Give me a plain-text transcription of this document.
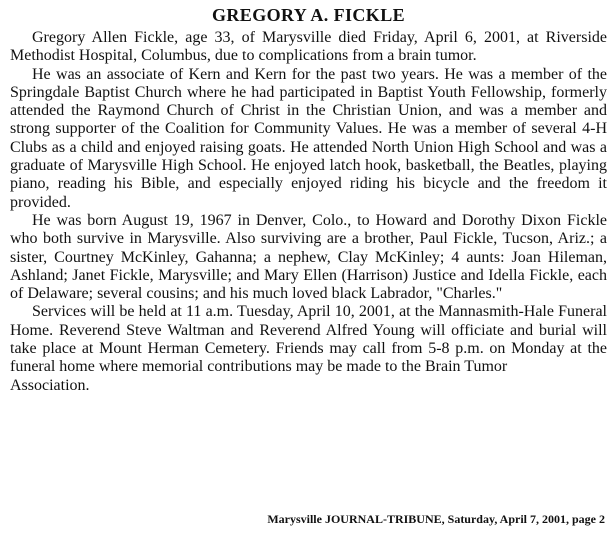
GREGORY A. FICKLE

Gregory Allen Fickle, age 33, of Marysville died Friday, April 6, 2001, at Riverside Methodist Hospital, Columbus, due to complications from a brain tumor.

He was an associate of Kern and Kern for the past two years. He was a member of the Springdale Baptist Church where he had participated in Baptist Youth Fellowship, formerly attended the Raymond Church of Christ in the Christian Union, and was a member and strong supporter of the Coalition for Community Values. He was a member of several 4-H Clubs as a child and enjoyed raising goats. He attended North Union High School and was a graduate of Marysville High School. He enjoyed latch hook, basketball, the Beatles, playing piano, reading his Bible, and especially enjoyed riding his bicycle and the freedom it provided.

He was born August 19, 1967 in Denver, Colo., to Howard and Dorothy Dixon Fickle who both survive in Marysville. Also surviving are a brother, Paul Fickle, Tucson, Ariz.; a sister, Courtney McKinley, Gahanna; a nephew, Clay McKinley; 4 aunts: Joan Hileman, Ashland; Janet Fickle, Marysville; and Mary Ellen (Harrison) Justice and Idella Fickle, each of Delaware; several cousins; and his much loved black Labrador, "Charles."

Services will be held at 11 a.m. Tuesday, April 10, 2001, at the Mannasmith-Hale Funeral Home. Reverend Steve Waltman and Reverend Alfred Young will officiate and burial will take place at Mount Herman Cemetery. Friends may call from 5-8 p.m. on Monday at the funeral home where memorial contributions may be made to the Brain Tumor

Association.

Marysville JOURNAL-TRIBUNE, Saturday, April 7, 2001, page 2
